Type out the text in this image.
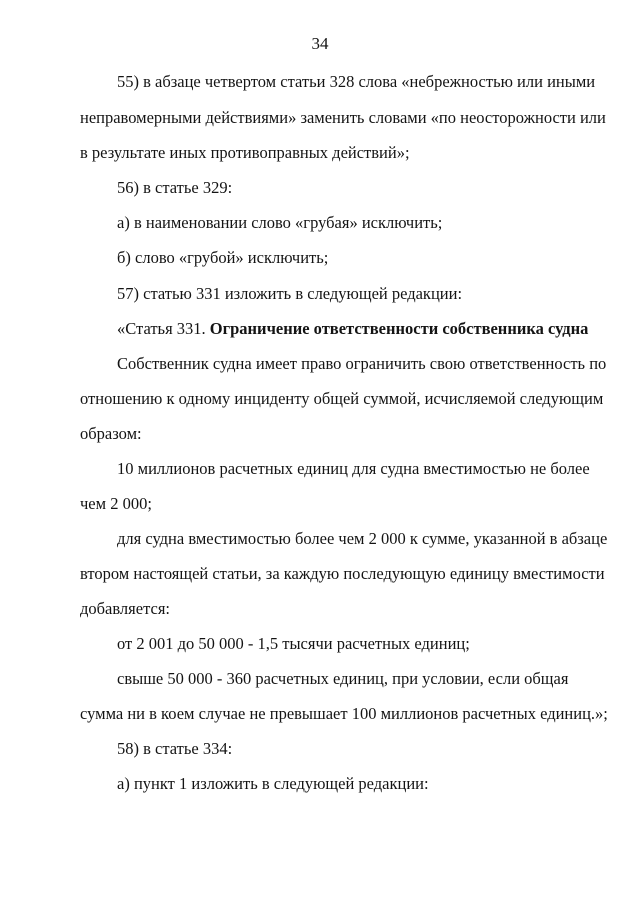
34
55) в абзаце четвертом статьи 328 слова «небрежностью или иными
неправомерными действиями» заменить словами «по неосторожности или
в результате иных противоправных действий»;
56) в статье 329:
а) в наименовании слово «грубая» исключить;
б) слово «грубой» исключить;
57) статью 331 изложить в следующей редакции:
«Статья 331. Ограничение ответственности собственника судна
Собственник судна имеет право ограничить свою ответственность по
отношению к одному инциденту общей суммой, исчисляемой следующим
образом:
10 миллионов расчетных единиц для судна вместимостью не более
чем 2 000;
для судна вместимостью более чем 2 000 к сумме, указанной в абзаце
втором настоящей статьи, за каждую последующую единицу вместимости
добавляется:
от 2 001 до 50 000 - 1,5 тысячи расчетных единиц;
свыше 50 000 - 360 расчетных единиц, при условии, если общая
сумма ни в коем случае не превышает 100 миллионов расчетных единиц.»;
58) в статье 334:
а) пункт 1 изложить в следующей редакции:
